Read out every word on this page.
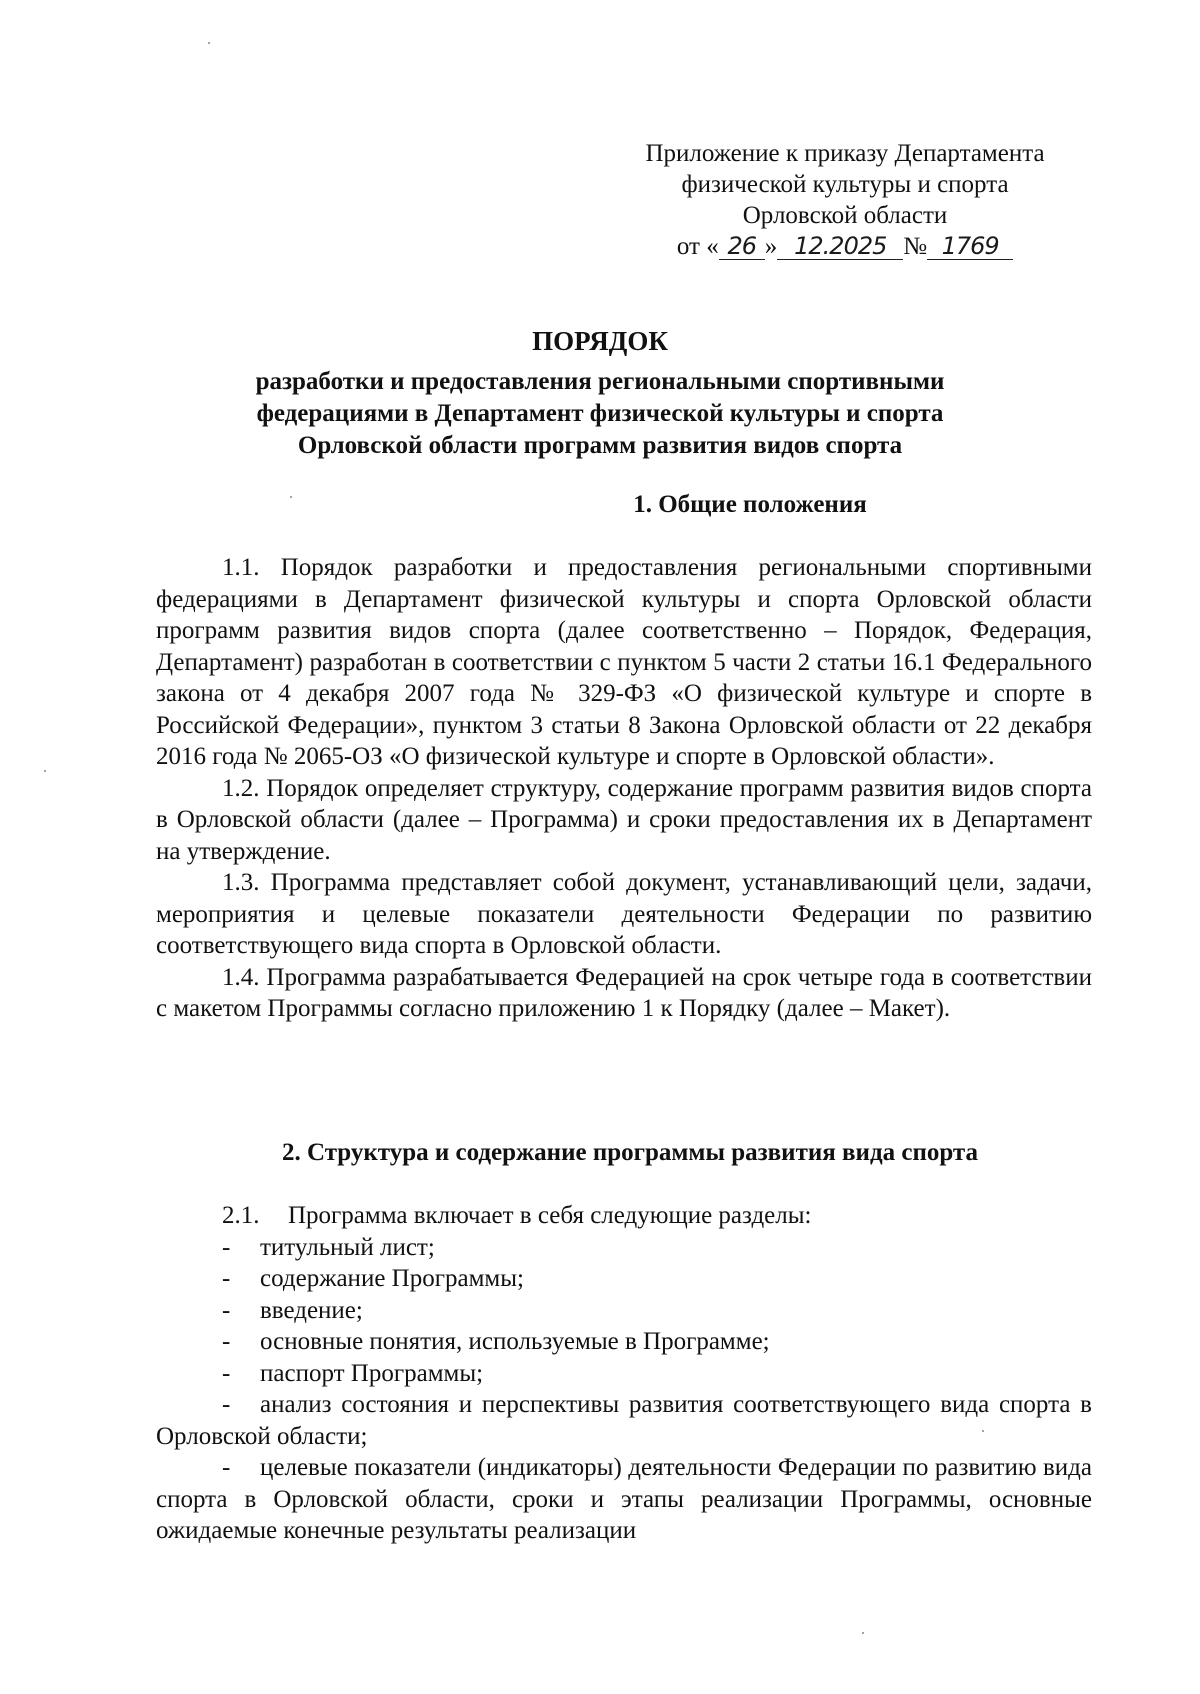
Приложение к приказу Департамента
физической культуры и спорта
Орловской области
от « 26 » 12.2025 № 1769
ПОРЯДОК
разработки и предоставления региональными спортивными
федерациями в Департамент физической культуры и спорта
Орловской области программ развития видов спорта
1. Общие положения

1.1. Порядок разработки и предоставления региональными спортивными федерациями в Департамент физической культуры и спорта Орловской области программ развития видов спорта (далее соответственно – Порядок, Федерация, Департамент) разработан в соответствии с пунктом 5 части 2 статьи 16.1 Федерального закона от 4 декабря 2007 года № 329-ФЗ «О физической культуре и спорте в Российской Федерации», пунктом 3 статьи 8 Закона Орловской области от 22 декабря 2016 года № 2065-ОЗ «О физической культуре и спорте в Орловской области».

1.2. Порядок определяет структуру, содержание программ развития видов спорта в Орловской области (далее – Программа) и сроки предоставления их в Департамент на утверждение.

1.3. Программа представляет собой документ, устанавливающий цели, задачи, мероприятия и целевые показатели деятельности Федерации по развитию соответствующего вида спорта в Орловской области.

1.4. Программа разрабатывается Федерацией на срок четыре года в соответствии с макетом Программы согласно приложению 1 к Порядку (далее – Макет).

2. Структура и содержание программы развития вида спорта
2.1. Программа включает в себя следующие разделы:
- титульный лист;
- содержание Программы;
- введение;
- основные понятия, используемые в Программе;
- паспорт Программы;
- анализ состояния и перспективы развития соответствующего вида спорта в Орловской области;
- целевые показатели (индикаторы) деятельности Федерации по развитию вида спорта в Орловской области, сроки и этапы реализации Программы, основные ожидаемые конечные результаты реализации
